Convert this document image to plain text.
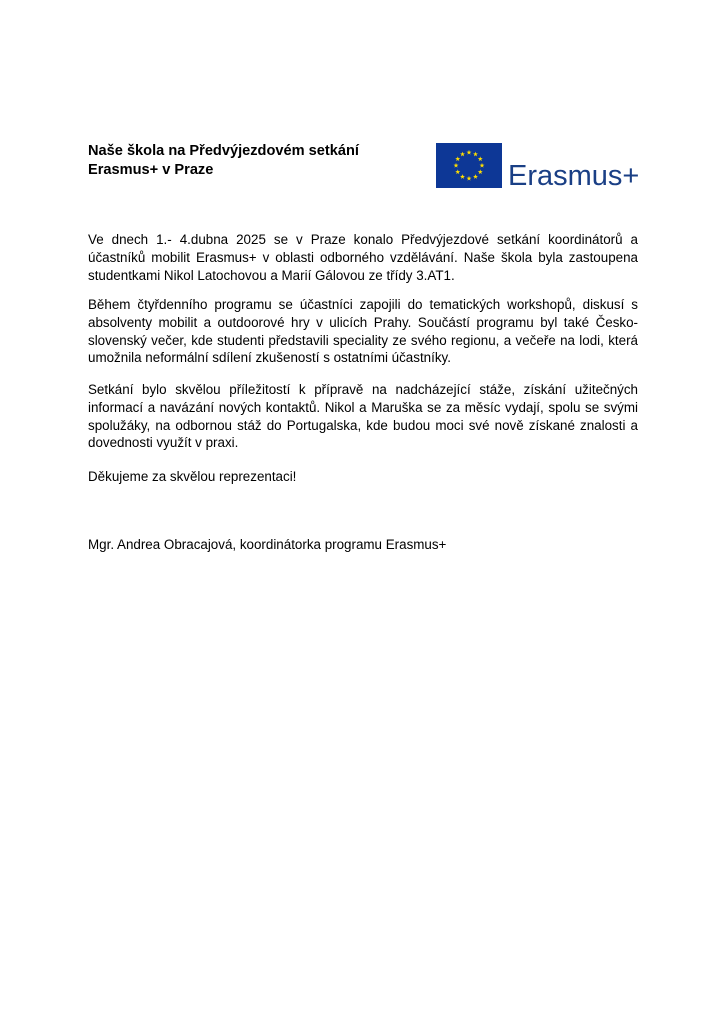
Naše škola na Předvýjezdovém setkání
Erasmus+ v Praze	Erasmus+
Ve dnech 1.- 4.dubna 2025 se v Praze konalo Předvýjezdové setkání koordinátorů a účastníků mobilit Erasmus+ v oblasti odborného vzdělávání. Naše škola byla zastoupena studentkami Nikol Latochovou a Marií Gálovou ze třídy 3.AT1.
Během čtyřdenního programu se účastníci zapojili do tematických workshopů, diskusí s absolventy mobilit a outdoorové hry v ulicích Prahy. Součástí programu byl také Česko-slovenský večer, kde studenti představili speciality ze svého regionu, a večeře na lodi, která umožnila neformální sdílení zkušeností s ostatními účastníky.
Setkání bylo skvělou příležitostí k přípravě na nadcházející stáže, získání užitečných informací a navázání nových kontaktů. Nikol a Maruška se za měsíc vydají, spolu se svými spolužáky, na odbornou stáž do Portugalska, kde budou moci své nově získané znalosti a dovednosti využít v praxi.
Děkujeme za skvělou reprezentaci!
Mgr. Andrea Obracajová, koordinátorka programu Erasmus+
